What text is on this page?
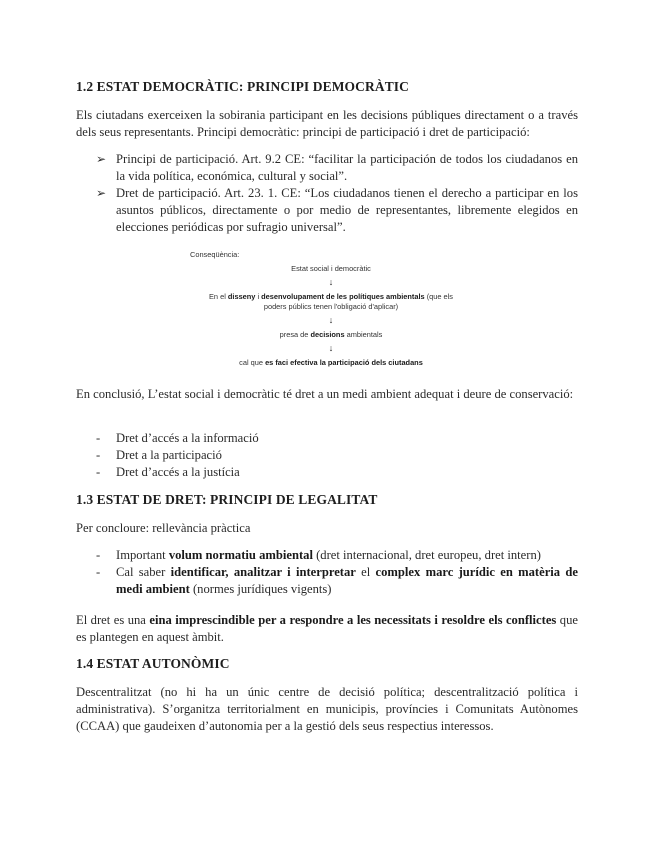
1.2 ESTAT DEMOCRÀTIC: PRINCIPI DEMOCRÀTIC

Els ciutadans exerceixen la sobirania participant en les decisions públiques directament o a través dels seus representants. Principi democràtic: principi de participació i dret de participació:

➢ Principi de participació. Art. 9.2 CE: “facilitar la participación de todos los ciudadanos en la vida política, económica, cultural y social”.
➢ Dret de participació. Art. 23. 1. CE: “Los ciudadanos tienen el derecho a participar en los asuntos públicos, directamente o por medio de representantes, libremente elegidos en elecciones periódicas por sufragio universal”.
Conseqüència:
Estat social i democràtic
↓
En el disseny i desenvolupament de les polítiques ambientals (que els
poders públics tenen l'obligació d'aplicar)
↓
presa de decisions ambientals
↓
cal que es faci efectiva la participació dels ciutadans

En conclusió, L’estat social i democràtic té dret a un medi ambient adequat i deure de conservació:

- Dret d’accés a la informació
- Dret a la participació
- Dret d’accés a la justícia
1.3 ESTAT DE DRET: PRINCIPI DE LEGALITAT

Per concloure: rellevància pràctica

- Important volum normatiu ambiental (dret internacional, dret europeu, dret intern)
- Cal saber identificar, analitzar i interpretar el complex marc jurídic en matèria de medi ambient (normes jurídiques vigents)

El dret es una eina imprescindible per a respondre a les necessitats i resoldre els conflictes que es plantegen en aquest àmbit.

1.4 ESTAT AUTONÒMIC

Descentralitzat (no hi ha un únic centre de decisió política; descentralització política i administrativa). S’organitza territorialment en municipis, províncies i Comunitats Autònomes (CCAA) que gaudeixen d’autonomia per a la gestió dels seus respectius interessos.
